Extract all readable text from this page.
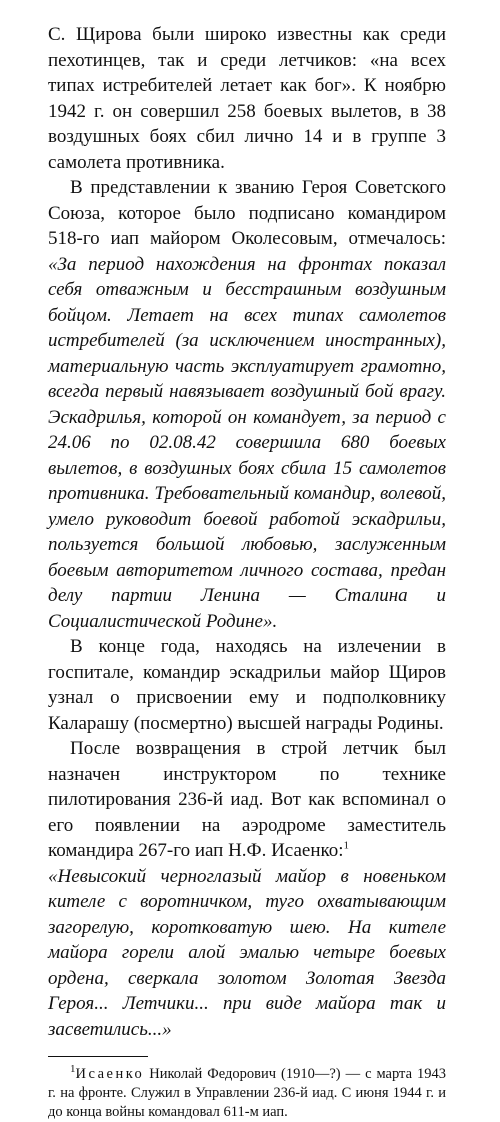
С. Щирова были широко известны как среди пехотинцев, так и среди летчиков: «на всех типах истребителей летает как бог». К ноябрю 1942 г. он совершил 258 боевых вылетов, в 38 воздушных боях сбил лично 14 и в группе 3 самолета противника.

В представлении к званию Героя Советского Союза, которое было подписано командиром 518-го иап майором Околесовым, отмечалось: «За период нахождения на фронтах показал себя отважным и бесстрашным воздушным бойцом. Летает на всех типах самолетов истребителей (за исключением иностранных), материальную часть эксплуатирует грамотно, всегда первый навязывает воздушный бой врагу. Эскадрилья, которой он командует, за период с 24.06 по 02.08.42 совершила 680 боевых вылетов, в воздушных боях сбила 15 самолетов противника. Требовательный командир, волевой, умело руководит боевой работой эскадрильи, пользуется большой любовью, заслуженным боевым авторитетом личного состава, предан делу партии Ленина — Сталина и Социалистической Родине».

В конце года, находясь на излечении в госпитале, командир эскадрильи майор Щиров узнал о присвоении ему и подполковнику Каларашу (посмертно) высшей награды Родины.

После возвращения в строй летчик был назначен инструктором по технике пилотирования 236-й иад. Вот как вспоминал о его появлении на аэродроме заместитель командира 267-го иап Н.Ф. Исаенко:$^1$
«Невысокий черноглазый майор в новеньком кителе с воротничком, туго охватывающим загорелую, коротковатую шею. На кителе майора горели алой эмалью четыре боевых ордена, сверкала золотом Золотая Звезда Героя... Летчики... при виде майора так и засветились...»

$^1$Исаенко Николай Федорович (1910—?) — с марта 1943 г. на фронте. Служил в Управлении 236-й иад. С июня 1944 г. и до конца войны командовал 611-м иап.
